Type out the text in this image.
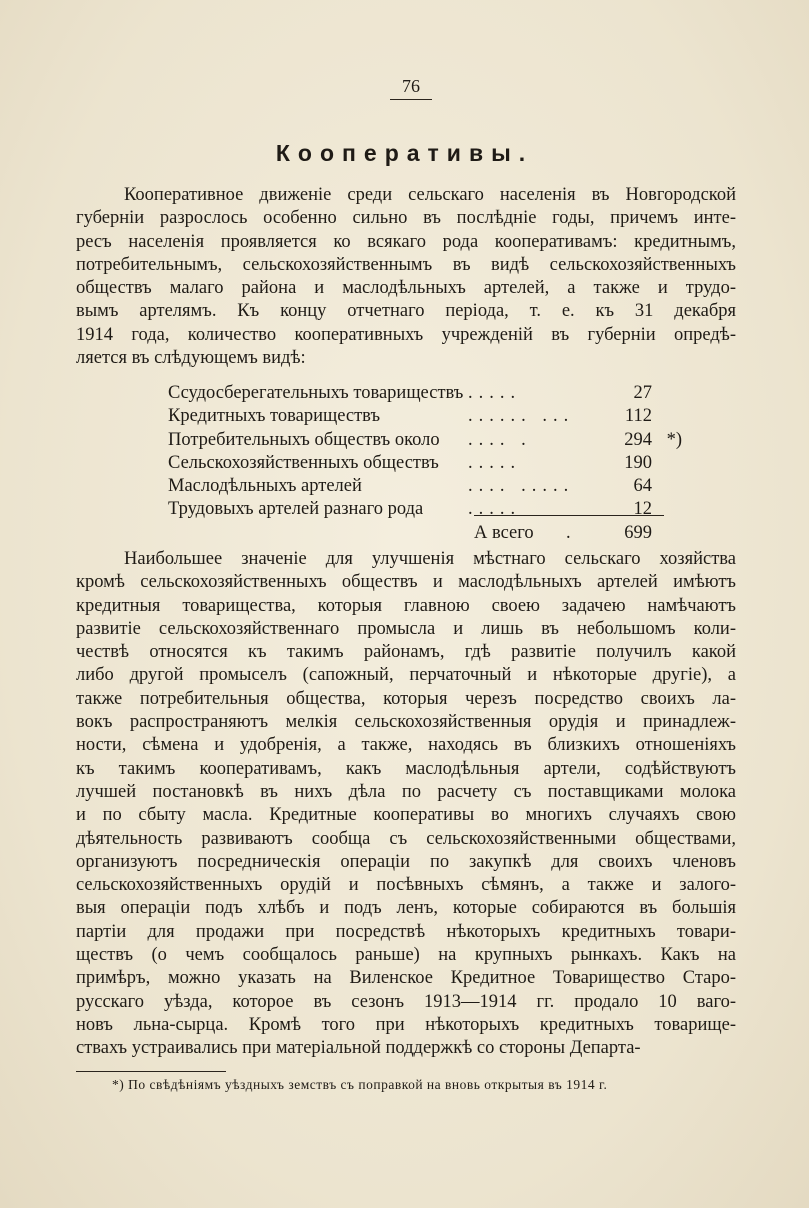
76
Кооперативы.
Кооперативное движеніе среди сельскаго населенія въ Новгородской
губерніи разрослось особенно сильно въ послѣдніе годы, причемъ инте-
ресъ населенія проявляется ко всякаго рода кооперативамъ: кредитнымъ,
потребительнымъ, сельскохозяйственнымъ въ видѣ сельскохозяйственныхъ
обществъ малаго района и маслодѣльныхъ артелей, а также и трудо-
вымъ артелямъ. Къ концу отчетнаго періода, т. е. къ 31 декабря
1914 года, количество кооперативныхъ учрежденій въ губерніи опредѣ-
ляется въ слѣдующемъ видѣ:
Ссудосберегательныхъ товариществъ .....	27
Кредитныхъ товариществъ	...... ...	112
Потребительныхъ обществъ около .... .	294 *)
Сельскохозяйственныхъ обществъ .....	190
Маслодѣльныхъ артелей	.... .....	64
Трудовыхъ артелей разнаго рода .....	12
А всего .	699
Наибольшее значеніе для улучшенія мѣстнаго сельскаго хозяйства
кромѣ сельскохозяйственныхъ обществъ и маслодѣльныхъ артелей имѣютъ
кредитныя товарищества, которыя главною своею задачею намѣчаютъ
развитіе сельскохозяйственнаго промысла и лишь въ небольшомъ коли-
чествѣ относятся къ такимъ районамъ, гдѣ развитіе получилъ какой
либо другой промыселъ (сапожный, перчаточный и нѣкоторые другіе), а
также потребительныя общества, которыя черезъ посредство своихъ ла-
вокъ распространяютъ мелкія сельскохозяйственныя орудія и принадлеж-
ности, сѣмена и удобренія, а также, находясь въ близкихъ отношеніяхъ
къ такимъ кооперативамъ, какъ маслодѣльныя артели, содѣйствуютъ
лучшей постановкѣ въ нихъ дѣла по расчету съ поставщиками молока
и по сбыту масла. Кредитные кооперативы во многихъ случаяхъ свою
дѣятельность развиваютъ сообща съ сельскохозяйственными обществами,
организуютъ посредническія операціи по закупкѣ для своихъ членовъ
сельскохозяйственныхъ орудій и посѣвныхъ сѣмянъ, а также и залого-
выя операціи подъ хлѣбъ и подъ ленъ, которые собираются въ большія
партіи для продажи при посредствѣ нѣкоторыхъ кредитныхъ товари-
ществъ (о чемъ сообщалось раньше) на крупныхъ рынкахъ. Какъ на
примѣръ, можно указать на Виленское Кредитное Товарищество Старо-
русскаго уѣзда, которое въ сезонъ 1913—1914 гг. продало 10 ваго-
новъ льна-сырца. Кромѣ того при нѣкоторыхъ кредитныхъ товарище-
ствахъ устраивались при матеріальной поддержкѣ со стороны Департа-
*) По свѣдѣніямъ уѣздныхъ земствъ съ поправкой на вновь открытыя въ 1914 г.
